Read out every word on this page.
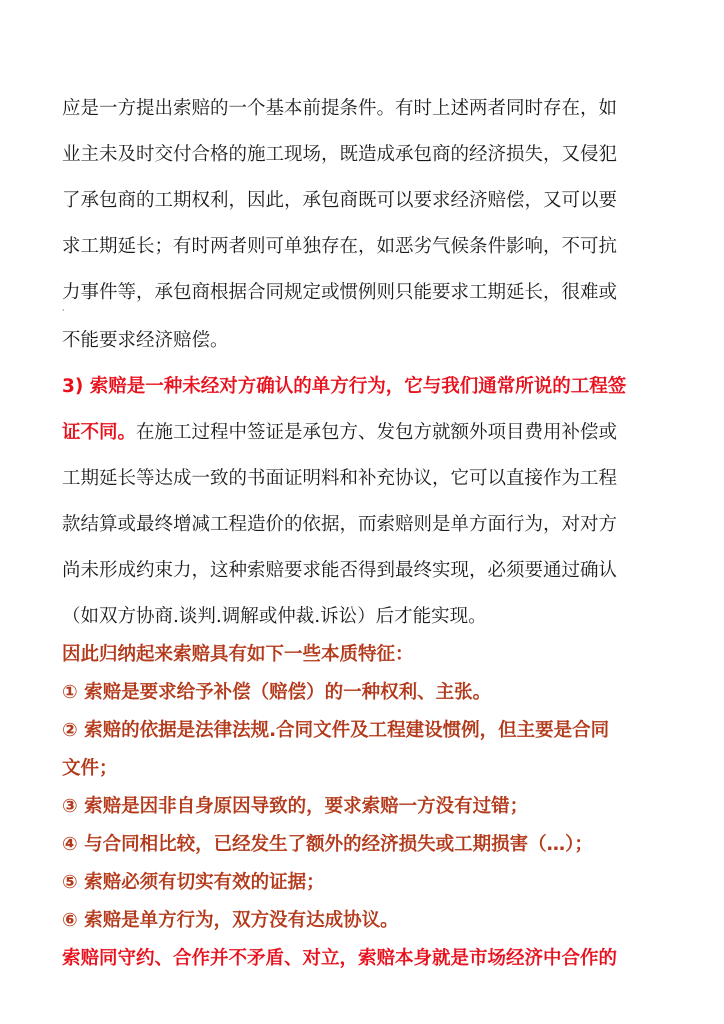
应是一方提出索赔的一个基本前提条件。有时上述两者同时存在，如
业主未及时交付合格的施工现场，既造成承包商的经济损失，又侵犯
了承包商的工期权利，因此，承包商既可以要求经济赔偿，又可以要
求工期延长；有时两者则可单独存在，如恶劣气候条件影响，不可抗
力事件等，承包商根据合同规定或惯例则只能要求工期延长，很难或
·
不能要求经济赔偿。
3) 索赔是一种未经对方确认的单方行为，它与我们通常所说的工程签
证不同。在施工过程中签证是承包方、发包方就额外项目费用补偿或
工期延长等达成一致的书面证明料和补充协议，它可以直接作为工程
款结算或最终增减工程造价的依据，而索赔则是单方面行为，对对方
尚未形成约束力，这种索赔要求能否得到最终实现，必须要通过确认
（如双方协商.谈判.调解或仲裁.诉讼）后才能实现。
因此归纳起来索赔具有如下一些本质特征：
① 索赔是要求给予补偿（赔偿）的一种权利、主张。
② 索赔的依据是法律法规.合同文件及工程建设惯例，但主要是合同
文件；
③ 索赔是因非自身原因导致的，要求索赔一方没有过错；
④ 与合同相比较，已经发生了额外的经济损失或工期损害（…）；
⑤ 索赔必须有切实有效的证据；
⑥ 索赔是单方行为，双方没有达成协议。
索赔同守约、合作并不矛盾、对立，索赔本身就是市场经济中合作的
